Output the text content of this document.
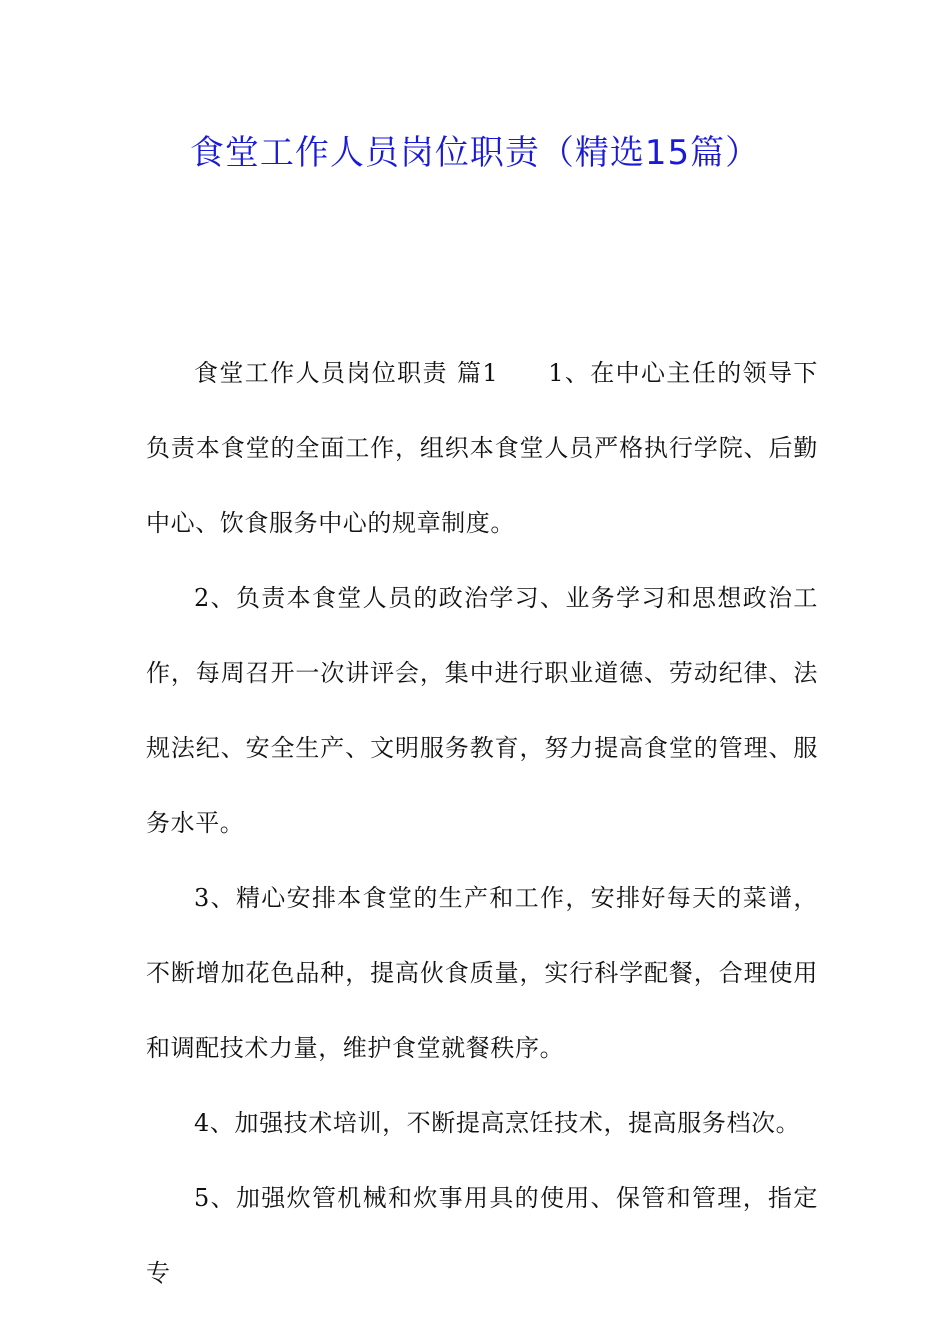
食堂工作人员岗位职责（精选15篇）

食堂工作人员岗位职责 篇1 1、在中心主任的领导下负责本食堂的全面工作，组织本食堂人员严格执行学院、后勤中心、饮食服务中心的规章制度。

2、负责本食堂人员的政治学习、业务学习和思想政治工作，每周召开一次讲评会，集中进行职业道德、劳动纪律、法规法纪、安全生产、文明服务教育，努力提高食堂的管理、服务水平。

3、精心安排本食堂的生产和工作，安排好每天的菜谱，不断增加花色品种，提高伙食质量，实行科学配餐，合理使用和调配技术力量，维护食堂就餐秩序。

4、加强技术培训，不断提高烹饪技术，提高服务档次。

5、加强炊管机械和炊事用具的使用、保管和管理，指定专
